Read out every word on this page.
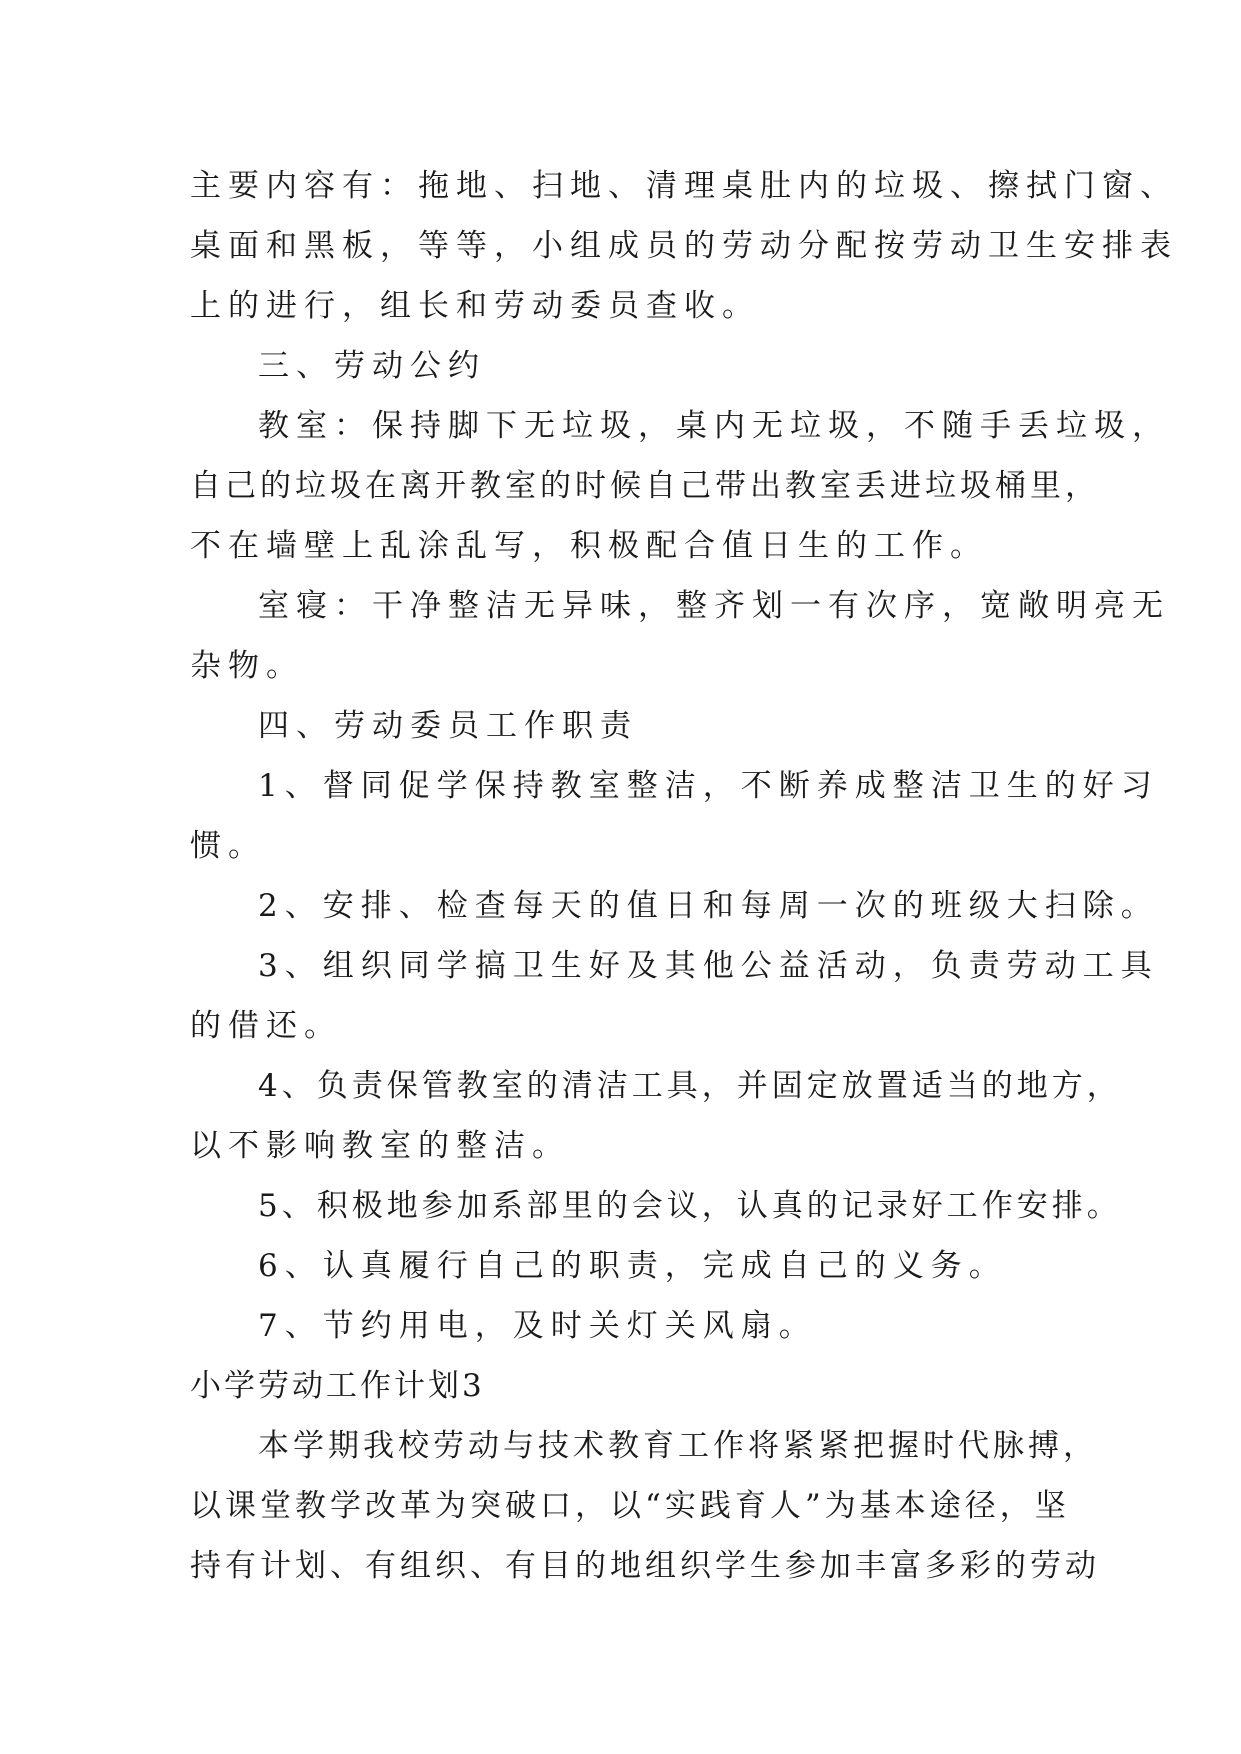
主要内容有：拖地、扫地、清理桌肚内的垃圾、擦拭门窗、
桌面和黑板，等等，小组成员的劳动分配按劳动卫生安排表
上的进行，组长和劳动委员查收。
三、劳动公约
教室：保持脚下无垃圾，桌内无垃圾，不随手丢垃圾，
自己的垃圾在离开教室的时候自己带出教室丢进垃圾桶里，
不在墙壁上乱涂乱写，积极配合值日生的工作。
室寝：干净整洁无异味，整齐划一有次序，宽敞明亮无
杂物。
四、劳动委员工作职责
1、督同促学保持教室整洁，不断养成整洁卫生的好习
惯。
2、安排、检查每天的值日和每周一次的班级大扫除。
3、组织同学搞卫生好及其他公益活动，负责劳动工具
的借还。
4、负责保管教室的清洁工具，并固定放置适当的地方，
以不影响教室的整洁。
5、积极地参加系部里的会议，认真的记录好工作安排。
6、认真履行自己的职责，完成自己的义务。
7、节约用电，及时关灯关风扇。
小学劳动工作计划3
本学期我校劳动与技术教育工作将紧紧把握时代脉搏，
以课堂教学改革为突破口，以“实践育人”为基本途径，坚
持有计划、有组织、有目的地组织学生参加丰富多彩的劳动
